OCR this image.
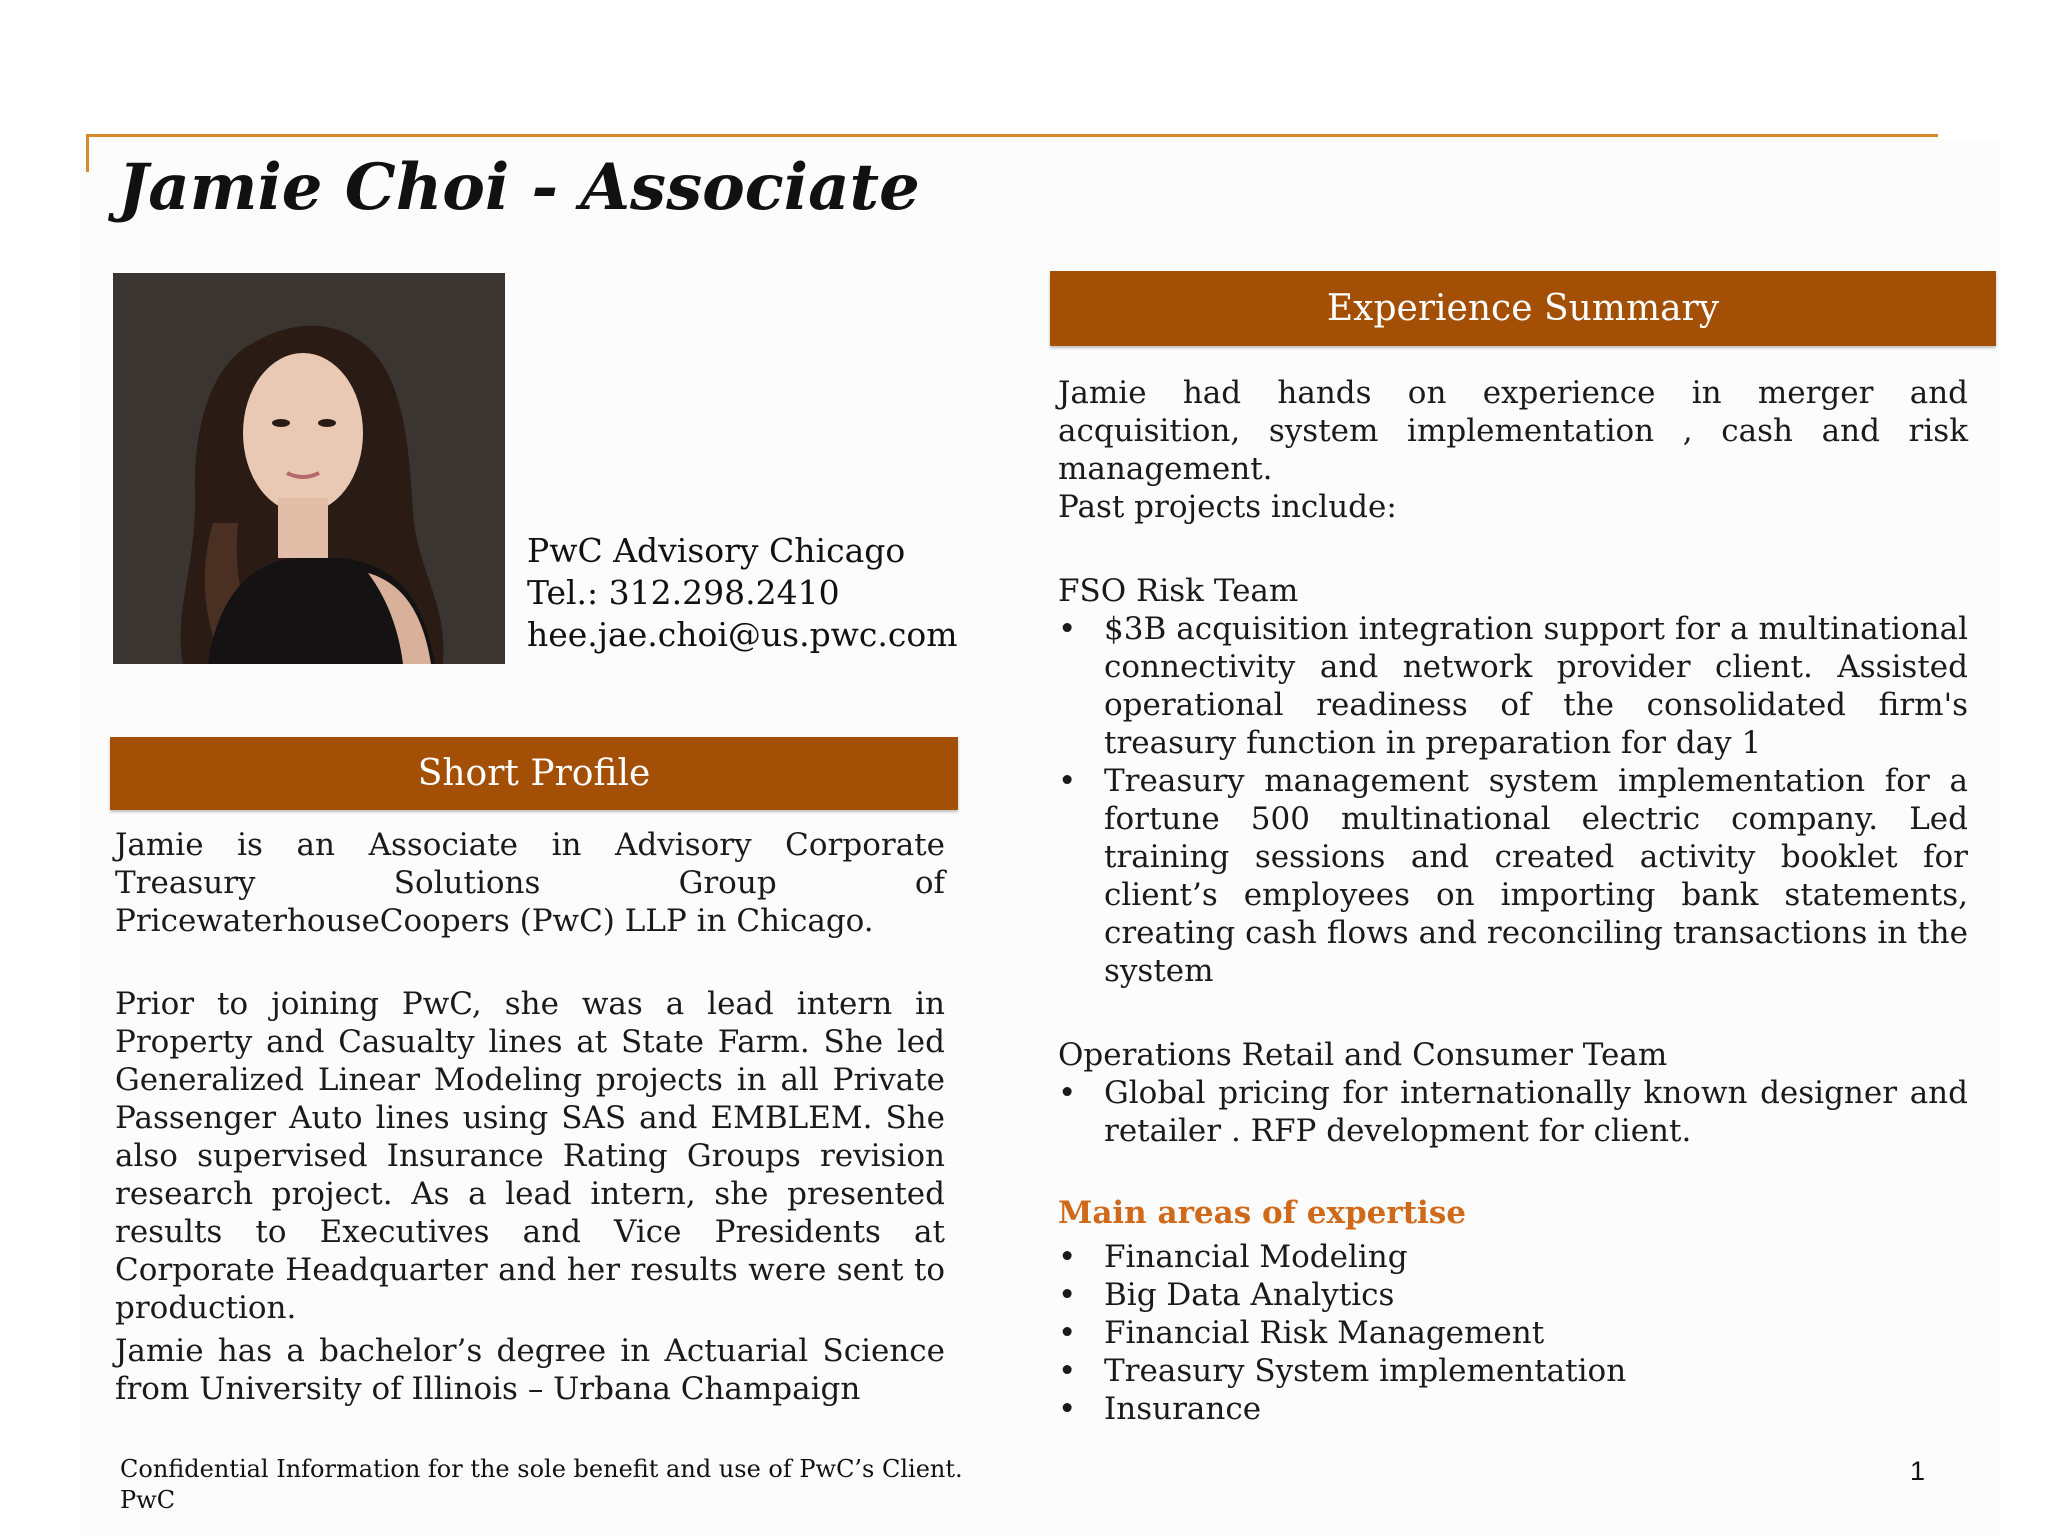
Jamie Choi - Associate
PwC Advisory Chicago
Tel.: 312.298.2410
hee.jae.choi@us.pwc.com
Short Profile

Jamie is an Associate in Advisory Corporate Treasury Solutions Group of PricewaterhouseCoopers (PwC) LLP in Chicago.

Prior to joining PwC, she was a lead intern in Property and Casualty lines at State Farm. She led Generalized Linear Modeling projects in all Private Passenger Auto lines using SAS and EMBLEM. She also supervised Insurance Rating Groups revision research project. As a lead intern, she presented results to Executives and Vice Presidents at Corporate Headquarter and her results were sent to production.

Jamie has a bachelor’s degree in Actuarial Science from University of Illinois – Urbana Champaign

Experience Summary

Jamie had hands on experience in merger and acquisition, system implementation , cash and risk management.

Past projects include:

FSO Risk Team

• $3B acquisition integration support for a multinational connectivity and network provider client. Assisted operational readiness of the consolidated firm's treasury function in preparation for day 1
• Treasury management system implementation for a fortune 500 multinational electric company. Led training sessions and created activity booklet for client’s employees on importing bank statements, creating cash flows and reconciling transactions in the system

Operations Retail and Consumer Team

• Global pricing for internationally known designer and retailer . RFP development for client.

Main areas of expertise

• Financial Modeling
• Big Data Analytics
• Financial Risk Management
• Treasury System implementation
• Insurance
Confidential Information for the sole benefit and use of PwC’s Client.
PwC
1
